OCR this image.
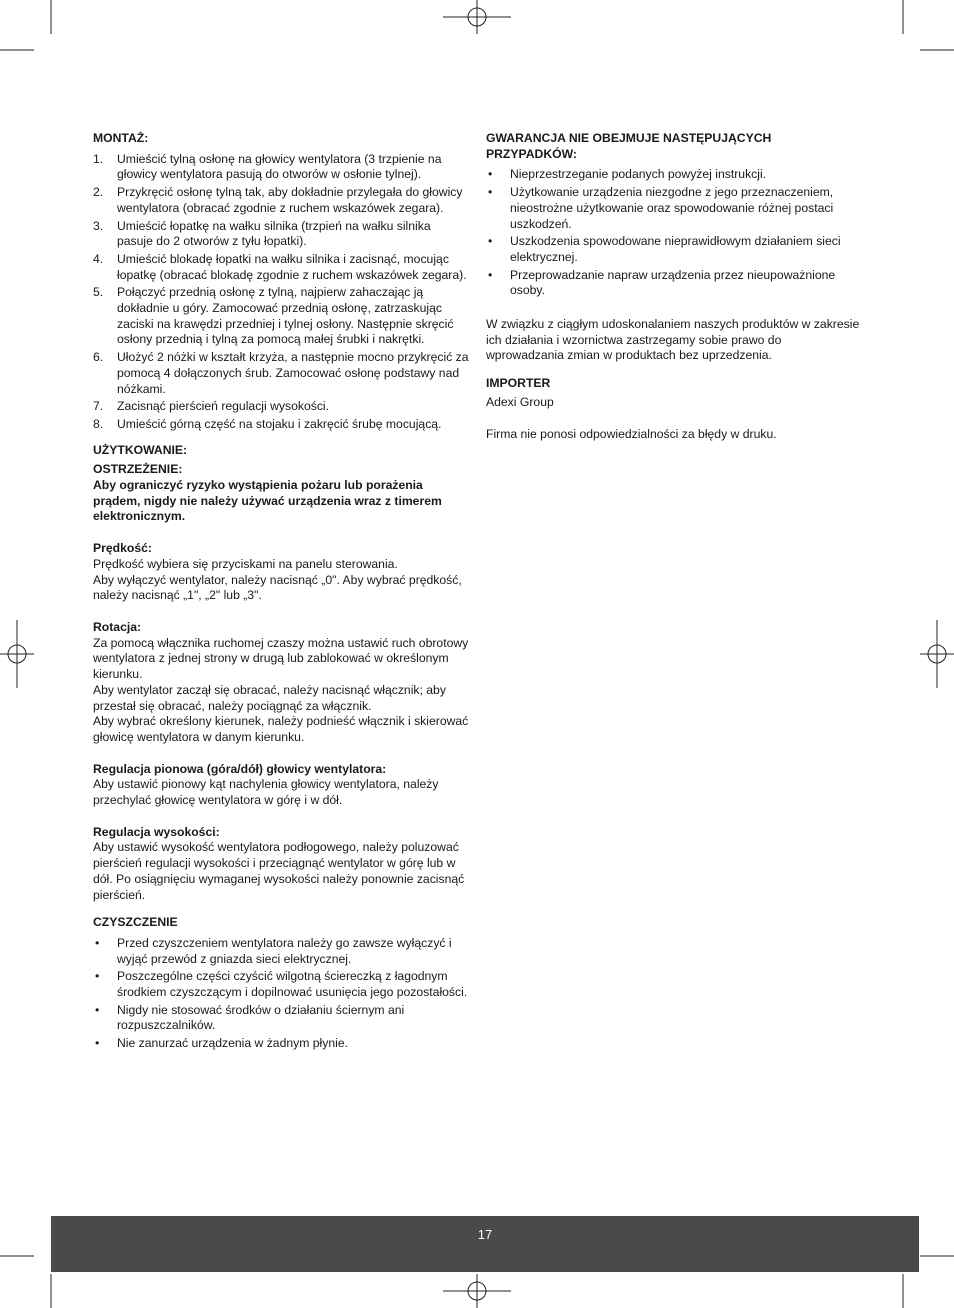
MONTAŻ:

1. Umieścić tylną osłonę na głowicy wentylatora (3 trzpienie na głowicy wentylatora pasują do otworów w osłonie tylnej).
2. Przykręcić osłonę tylną tak, aby dokładnie przylegała do głowicy wentylatora (obracać zgodnie z ruchem wskazówek zegara).
3. Umieścić łopatkę na wałku silnika (trzpień na wałku silnika pasuje do 2 otworów z tyłu łopatki).
4. Umieścić blokadę łopatki na wałku silnika i zacisnąć, mocując łopatkę (obracać blokadę zgodnie z ruchem wskazówek zegara).
5. Połączyć przednią osłonę z tylną, najpierw zahaczając ją dokładnie u góry. Zamocować przednią osłonę, zatrzaskując zaciski na krawędzi przedniej i tylnej osłony. Następnie skręcić osłony przednią i tylną za pomocą małej śrubki i nakrętki.
6. Ułożyć 2 nóżki w kształt krzyża, a następnie mocno przykręcić za pomocą 4 dołączonych śrub. Zamocować osłonę podstawy nad nóżkami.
7. Zacisnąć pierścień regulacji wysokości.
8. Umieścić górną część na stojaku i zakręcić śrubę mocującą.

UŻYTKOWANIE:

OSTRZEŻENIE:

Aby ograniczyć ryzyko wystąpienia pożaru lub porażenia prądem, nigdy nie należy używać urządzenia wraz z timerem elektronicznym.

Prędkość:

Prędkość wybiera się przyciskami na panelu sterowania.
Aby wyłączyć wentylator, należy nacisnąć „0". Aby wybrać prędkość, należy nacisnąć „1", „2" lub „3".

Rotacja:

Za pomocą włącznika ruchomej czaszy można ustawić ruch obrotowy wentylatora z jednej strony w drugą lub zablokować w określonym kierunku.
Aby wentylator zaczął się obracać, należy nacisnąć włącznik; aby przestał się obracać, należy pociągnąć za włącznik.
Aby wybrać określony kierunek, należy podnieść włącznik i skierować głowicę wentylatora w danym kierunku.

Regulacja pionowa (góra/dół) głowicy wentylatora:

Aby ustawić pionowy kąt nachylenia głowicy wentylatora, należy przechylać głowicę wentylatora w górę i w dół.

Regulacja wysokości:

Aby ustawić wysokość wentylatora podłogowego, należy poluzować pierścień regulacji wysokości i przeciągnąć wentylator w górę lub w dół. Po osiągnięciu wymaganej wysokości należy ponownie zacisnąć pierścień.

CZYSZCZENIE

• Przed czyszczeniem wentylatora należy go zawsze wyłączyć i wyjąć przewód z gniazda sieci elektrycznej.
• Poszczególne części czyścić wilgotną ściereczką z łagodnym środkiem czyszczącym i dopilnować usunięcia jego pozostałości.
• Nigdy nie stosować środków o działaniu ściernym ani rozpuszczalników.
• Nie zanurzać urządzenia w żadnym płynie.

GWARANCJA NIE OBEJMUJE NASTĘPUJĄCYCH PRZYPADKÓW:

• Nieprzestrzeganie podanych powyżej instrukcji.
• Użytkowanie urządzenia niezgodne z jego przeznaczeniem, nieostrożne użytkowanie oraz spowodowanie różnej postaci uszkodzeń.
• Uszkodzenia spowodowane nieprawidłowym działaniem sieci elektrycznej.
• Przeprowadzanie napraw urządzenia przez nieupoważnione osoby.

W związku z ciągłym udoskonalaniem naszych produktów w zakresie ich działania i wzornictwa zastrzegamy sobie prawo do wprowadzania zmian w produktach bez uprzedzenia.

IMPORTER

Adexi Group

Firma nie ponosi odpowiedzialności za błędy w druku.

17
